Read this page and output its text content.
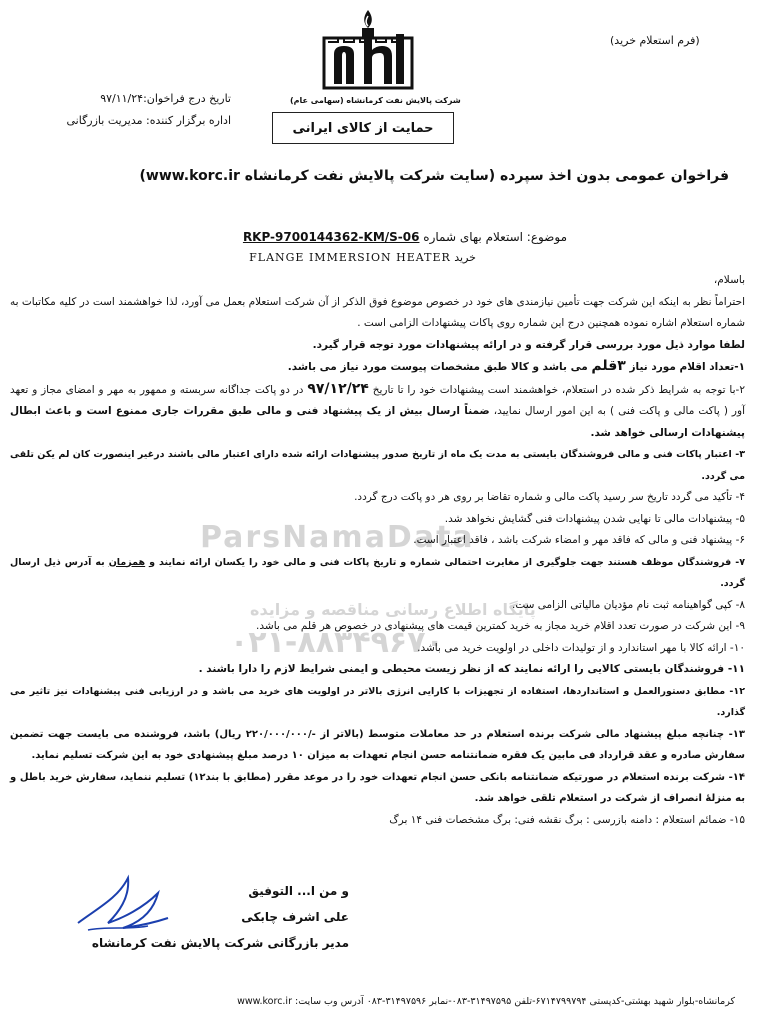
(فرم استعلام خرید)
شرکت پالایش نفت کرمانشاه (سهامی عام)
حمایت از کالای ایرانی
تاریخ درج فراخوان:۹۷/۱۱/۲۴
اداره برگزار کننده: مدیریت بازرگانی
فراخوان عمومی بدون اخذ سپرده (سایت شرکت پالایش نفت کرمانشاه www.korc.ir)
موضوع: استعلام بهای شماره RKP-9700144362-KM/S-06
خرید FLANGE IMMERSION HEATER
باسلام،
احتراماً نظر به اینکه این شرکت جهت تأمین نیازمندی های خود در خصوص موضوع فوق الذکر از آن شرکت استعلام بعمل می آورد، لذا خواهشمند است در کلیه مکاتبات به شماره استعلام اشاره نموده همچنین درج این شماره روی پاکات پیشنهادات الزامی است .
لطفا موارد ذیل مورد بررسی قرار گرفته و در ارائه پیشنهادات مورد توجه قرار گیرد.
۱-تعداد اقلام مورد نیاز ۳قلم می باشد و کالا طبق مشخصات پیوست مورد نیاز می باشد.
۲-با توجه به شرایط ذکر شده در استعلام، خواهشمند است پیشنهادات خود را تا تاریخ ۹۷/۱۲/۲۴ در دو پاکت جداگانه سربسته و ممهور به مهر و امضای مجاز و تعهد آور ( پاکت مالی و پاکت فنی ) به این امور ارسال نمایید، ضمناً ارسال بیش از یک پیشنهاد فنی و مالی طبق مقررات جاری ممنوع است و باعث ابطال پیشنهادات ارسالی خواهد شد.
۳- اعتبار پاکات فنی و مالی فروشندگان بایستی به مدت یک ماه از تاریخ صدور پیشنهادات ارائه شده دارای اعتبار مالی باشند درغیر اینصورت کان لم یکن تلقی می گردد.
۴- تأکید می گردد تاریخ سر رسید پاکت مالی و شماره تقاضا بر روی هر دو پاکت درج گردد.
۵- پیشنهادات مالی تا نهایی شدن پیشنهادات فنی گشایش نخواهد شد.
۶- پیشنهاد فنی و مالی که فاقد مهر و امضاء شرکت باشد ، فاقد اعتبار است.
۷- فروشندگان موظف هستند جهت جلوگیری از مغایرت احتمالی شماره و تاریخ پاکات فنی و مالی خود را یکسان ارائه نمایند و همزمان به آدرس ذیل ارسال گردد.
۸- کپی گواهینامه ثبت نام مؤدیان مالیاتی الزامی ست.
۹- این شرکت در صورت تعدد اقلام خرید مجاز به خرید کمترین قیمت های پیشنهادی در خصوص هر قلم می باشد.
۱۰- ارائه کالا با مهر استاندارد و از تولیدات داخلی در اولویت خرید می باشد.
۱۱- فروشندگان بایستی کالایی را ارائه نمایند که از نظر زیست محیطی و ایمنی شرایط لازم را دارا باشند .
۱۲- مطابق دستورالعمل و استانداردها، استفاده از تجهیزات با کارایی انرژی بالاتر در اولویت های خرید می باشد و در ارزیابی فنی پیشنهادات نیز تاثیر می گذارد.
۱۳- چنانچه مبلغ پیشنهاد مالی شرکت برنده استعلام در حد معاملات متوسط (بالاتر از -/۲۲۰/۰۰۰/۰۰۰ ریال) باشد، فروشنده می بایست جهت تضمین سفارش صادره و عقد قرارداد فی مابین یک فقره ضمانتنامه حسن انجام تعهدات به میزان ۱۰ درصد مبلغ پیشنهادی خود به این شرکت تسلیم نماید.
۱۴- شرکت برنده استعلام در صورتیکه ضمانتنامه بانکی حسن انجام تعهدات خود را در موعد مقرر (مطابق با بند۱۲) تسلیم ننماید، سفارش خرید باطل و به منزلهٔ انصراف از شرکت در استعلام تلقی خواهد شد.
۱۵- ضمائم استعلام : دامنه بازرسی : برگ نقشه فنی: برگ مشخصات فنی ۱۴ برگ
ParsNamaData
پایگاه اطلاع رسانی مناقصه و مزایده
۰۲۱-۸۸۳۴۹۶۷۰
و من ا... التوفیق
علی اشرف چابکی
مدیر بازرگانی شرکت پالایش نفت کرمانشاه
کرمانشاه-بلوار شهید بهشتی-کدپستی ۶۷۱۴۷۹۹۷۹۴-تلفن ۳۱۴۹۷۵۹۵-۰۸۳-نمابر ۳۱۴۹۷۵۹۶-۰۸۳ آدرس وب سایت: www.korc.ir
